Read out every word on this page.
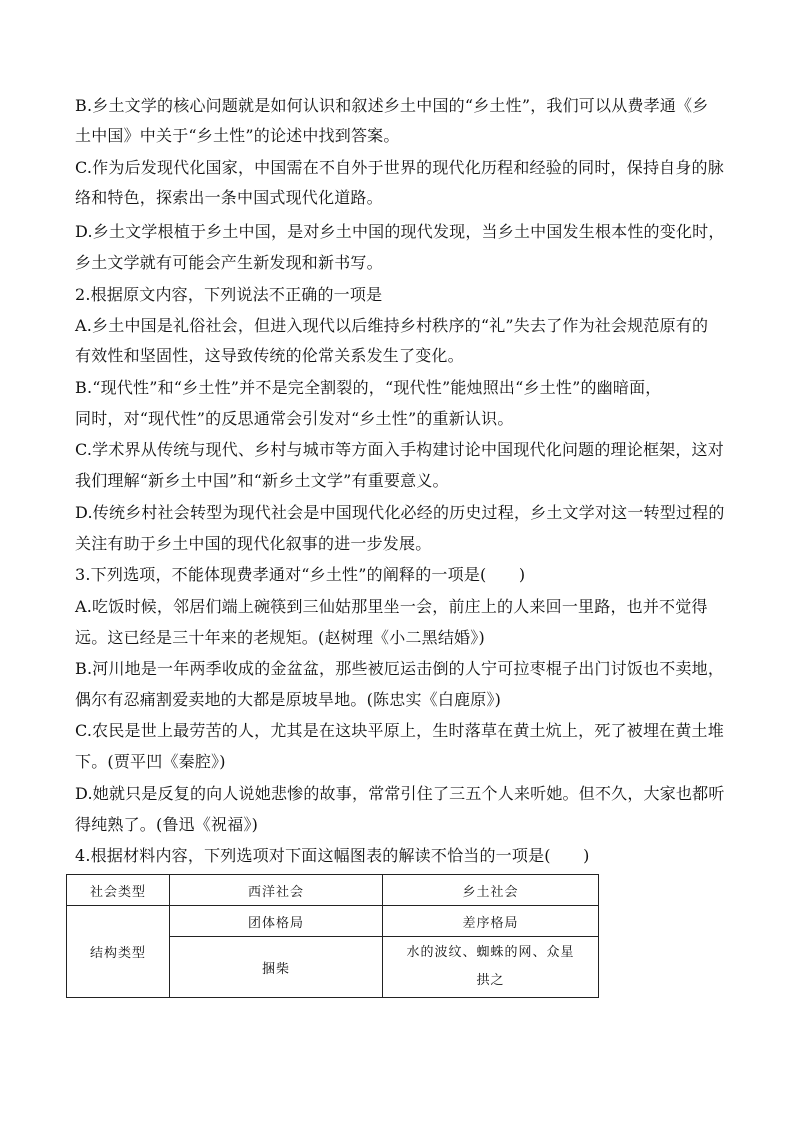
B.乡土文学的核心问题就是如何认识和叙述乡土中国的“乡土性”，我们可以从费孝通《乡
土中国》中关于“乡土性”的论述中找到答案。
C.作为后发现代化国家，中国需在不自外于世界的现代化历程和经验的同时，保持自身的脉
络和特色，探索出一条中国式现代化道路。
D.乡土文学根植于乡土中国，是对乡土中国的现代发现，当乡土中国发生根本性的变化时，
乡土文学就有可能会产生新发现和新书写。
2.根据原文内容，下列说法不正确的一项是
A.乡土中国是礼俗社会，但进入现代以后维持乡村秩序的“礼”失去了作为社会规范原有的
有效性和坚固性，这导致传统的伦常关系发生了变化。
B.“现代性”和“乡土性”并不是完全割裂的，“现代性”能烛照出“乡土性”的幽暗面，
同时，对“现代性”的反思通常会引发对“乡土性”的重新认识。
C.学术界从传统与现代、乡村与城市等方面入手构建讨论中国现代化问题的理论框架，这对
我们理解“新乡土中国”和“新乡土文学”有重要意义。
D.传统乡村社会转型为现代社会是中国现代化必经的历史过程，乡土文学对这一转型过程的
关注有助于乡土中国的现代化叙事的进一步发展。
3.下列选项，不能体现费孝通对“乡土性”的阐释的一项是(　　)
A.吃饭时候，邻居们端上碗筷到三仙姑那里坐一会，前庄上的人来回一里路，也并不觉得
远。这已经是三十年来的老规矩。(赵树理《小二黑结婚》)
B.河川地是一年两季收成的金盆盆，那些被厄运击倒的人宁可拉枣棍子出门讨饭也不卖地，
偶尔有忍痛割爱卖地的大都是原坡旱地。(陈忠实《白鹿原》)
C.农民是世上最劳苦的人，尤其是在这块平原上，生时落草在黄土炕上，死了被埋在黄土堆
下。(贾平凹《秦腔》)
D.她就只是反复的向人说她悲惨的故事，常常引住了三五个人来听她。但不久，大家也都听
得纯熟了。(鲁迅《祝福》)
4.根据材料内容，下列选项对下面这幅图表的解读不恰当的一项是(　　)
社会类型	西洋社会	乡土社会
结构类型	团体格局	差序格局
	捆柴	水的波纹、蜘蛛的网、众星
拱之
